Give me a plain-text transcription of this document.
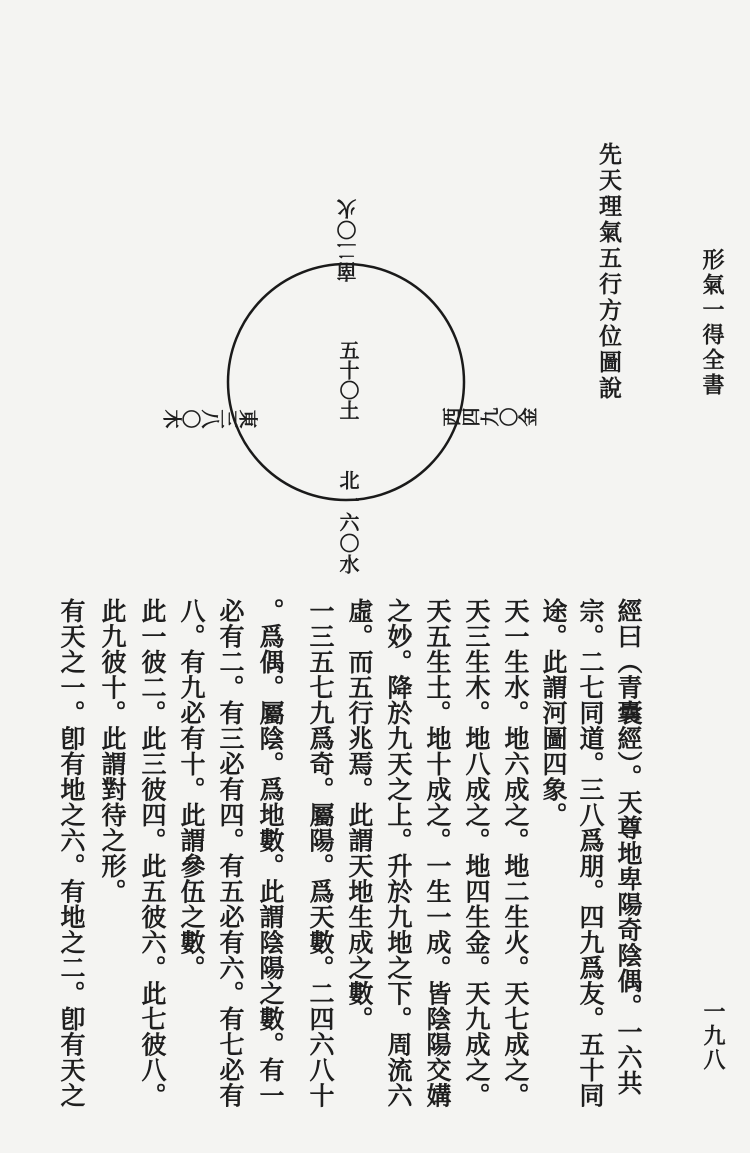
形氣一得全書
先天理氣五行方位圖說
一九八
南二〇火
五十〇土
北一六〇水
東三八〇木	西四九〇金
經曰（青囊經）。天尊地卑陽奇陰偶。一六共
宗。二七同道。三八爲朋。四九爲友。五十同
途。此謂河圖四象。
天一生水。地六成之。地二生火。天七成之。
天三生木。地八成之。地四生金。天九成之。
天五生土。地十成之。一生一成。皆陰陽交媾
之妙。降於九天之上。升於九地之下。周流六
虛。而五行兆焉。此謂天地生成之數。
一三五七九爲奇。屬陽。爲天數。二四六八十
。爲偶。屬陰。爲地數。此謂陰陽之數。有一
必有二。有三必有四。有五必有六。有七必有
八。有九必有十。此謂參伍之數。
此一彼二。此三彼四。此五彼六。此七彼八。
此九彼十。此謂對待之形。
有天之一。卽有地之六。有地之二。卽有天之
